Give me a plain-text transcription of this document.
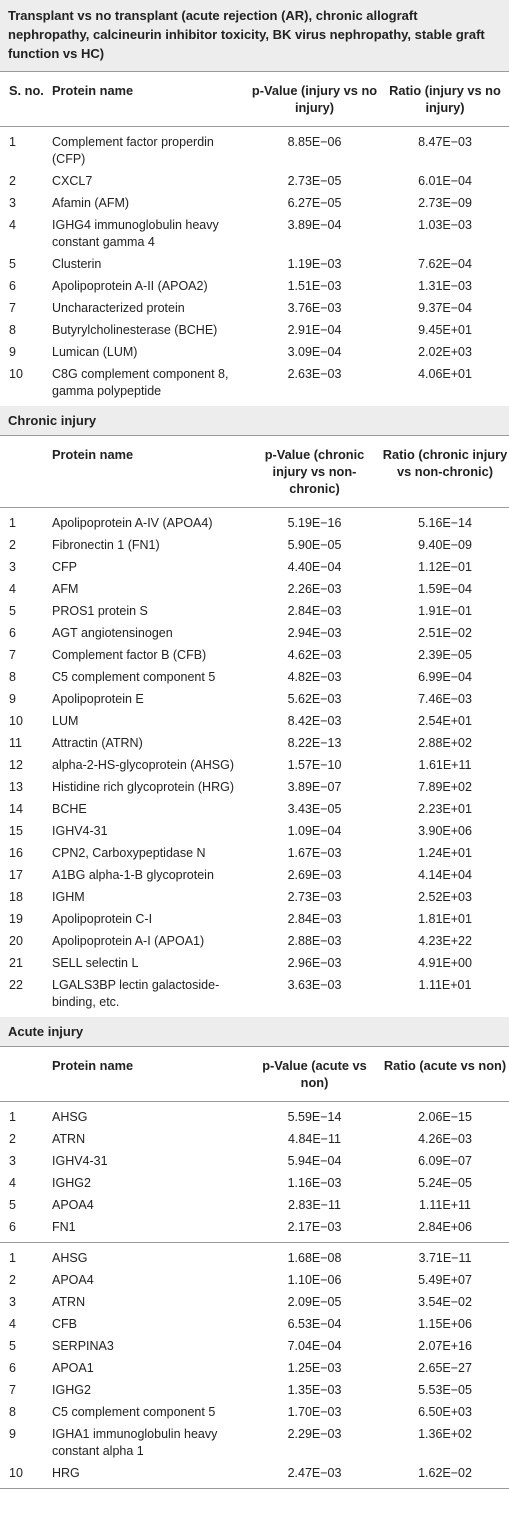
Transplant vs no transplant (acute rejection (AR), chronic allograft nephropathy, calcineurin inhibitor toxicity, BK virus nephropathy, stable graft function vs HC)
S. no.	Protein name	p-Value (injury vs no injury)	Ratio (injury vs no injury)
1	Complement factor properdin (CFP)	8.85E−06	8.47E−03
2	CXCL7	2.73E−05	6.01E−04
3	Afamin (AFM)	6.27E−05	2.73E−09
4	IGHG4 immunoglobulin heavy constant gamma 4	3.89E−04	1.03E−03
5	Clusterin	1.19E−03	7.62E−04
6	Apolipoprotein A-II (APOA2)	1.51E−03	1.31E−03
7	Uncharacterized protein	3.76E−03	9.37E−04
8	Butyrylcholinesterase (BCHE)	2.91E−04	9.45E+01
9	Lumican (LUM)	3.09E−04	2.02E+03
10	C8G complement component 8, gamma polypeptide	2.63E−03	4.06E+01
Chronic injury
	Protein name	p-Value (chronic injury vs non-chronic)	Ratio (chronic injury vs non-chronic)
1	Apolipoprotein A-IV (APOA4)	5.19E−16	5.16E−14
2	Fibronectin 1 (FN1)	5.90E−05	9.40E−09
3	CFP	4.40E−04	1.12E−01
4	AFM	2.26E−03	1.59E−04
5	PROS1 protein S	2.84E−03	1.91E−01
6	AGT angiotensinogen	2.94E−03	2.51E−02
7	Complement factor B (CFB)	4.62E−03	2.39E−05
8	C5 complement component 5	4.82E−03	6.99E−04
9	Apolipoprotein E	5.62E−03	7.46E−03
10	LUM	8.42E−03	2.54E+01
11	Attractin (ATRN)	8.22E−13	2.88E+02
12	alpha-2-HS-glycoprotein (AHSG)	1.57E−10	1.61E+11
13	Histidine rich glycoprotein (HRG)	3.89E−07	7.89E+02
14	BCHE	3.43E−05	2.23E+01
15	IGHV4-31	1.09E−04	3.90E+06
16	CPN2, Carboxypeptidase N	1.67E−03	1.24E+01
17	A1BG alpha-1-B glycoprotein	2.69E−03	4.14E+04
18	IGHM	2.73E−03	2.52E+03
19	Apolipoprotein C-I	2.84E−03	1.81E+01
20	Apolipoprotein A-I (APOA1)	2.88E−03	4.23E+22
21	SELL selectin L	2.96E−03	4.91E+00
22	LGALS3BP lectin galactoside-binding, etc.	3.63E−03	1.11E+01
Acute injury
	Protein name	p-Value (acute vs non)	Ratio (acute vs non)
1	AHSG	5.59E−14	2.06E−15
2	ATRN	4.84E−11	4.26E−03
3	IGHV4-31	5.94E−04	6.09E−07
4	IGHG2	1.16E−03	5.24E−05
5	APOA4	2.83E−11	1.11E+11
6	FN1	2.17E−03	2.84E+06
1	AHSG	1.68E−08	3.71E−11
2	APOA4	1.10E−06	5.49E+07
3	ATRN	2.09E−05	3.54E−02
4	CFB	6.53E−04	1.15E+06
5	SERPINA3	7.04E−04	2.07E+16
6	APOA1	1.25E−03	2.65E−27
7	IGHG2	1.35E−03	5.53E−05
8	C5 complement component 5	1.70E−03	6.50E+03
9	IGHA1 immunoglobulin heavy constant alpha 1	2.29E−03	1.36E+02
10	HRG	2.47E−03	1.62E−02
